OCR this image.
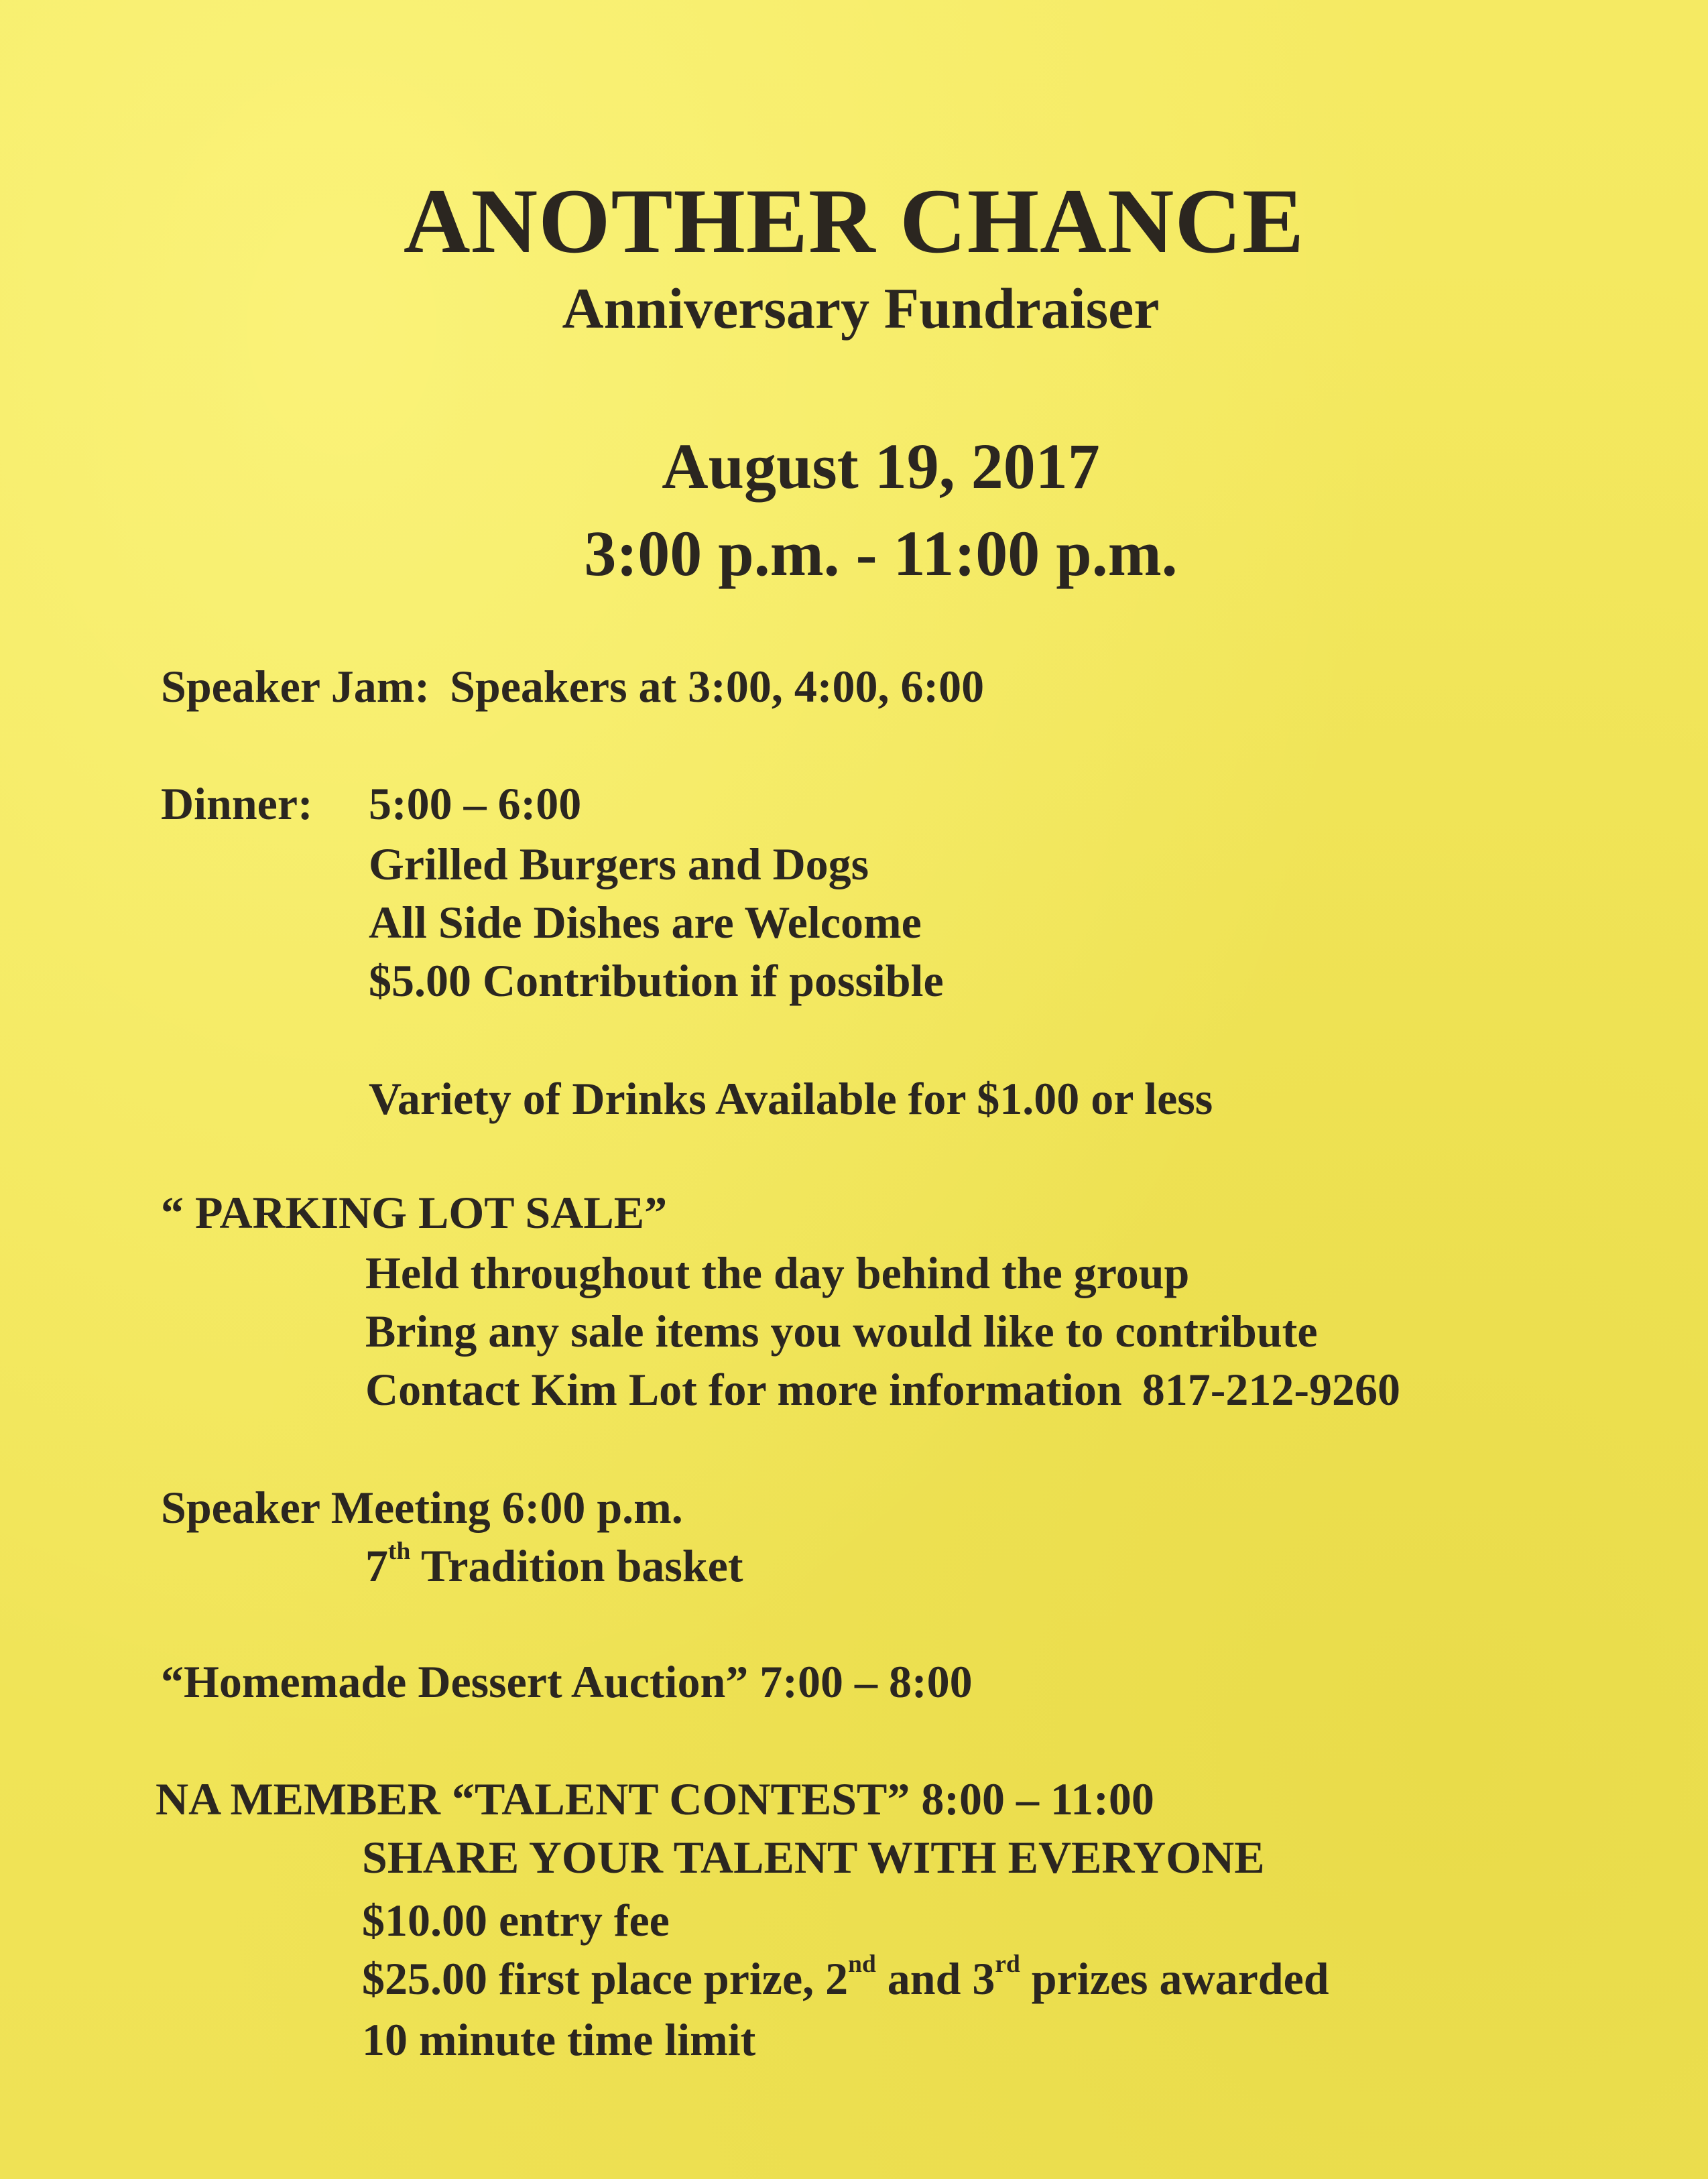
ANOTHER CHANCE

Anniversary Fundraiser

August 19, 2017

3:00 p.m. - 11:00 p.m.

Speaker Jam: Speakers at 3:00, 4:00, 6:00

Dinner: 5:00 – 6:00

Grilled Burgers and Dogs

All Side Dishes are Welcome

$5.00 Contribution if possible

Variety of Drinks Available for $1.00 or less

“ PARKING LOT SALE”

Held throughout the day behind the group

Bring any sale items you would like to contribute

Contact Kim Lot for more information 817-212-9260

Speaker Meeting 6:00 p.m.

7th Tradition basket

“Homemade Dessert Auction” 7:00 – 8:00

NA MEMBER “TALENT CONTEST” 8:00 – 11:00

SHARE YOUR TALENT WITH EVERYONE

$10.00 entry fee

$25.00 first place prize, 2nd and 3rd prizes awarded

10 minute time limit
